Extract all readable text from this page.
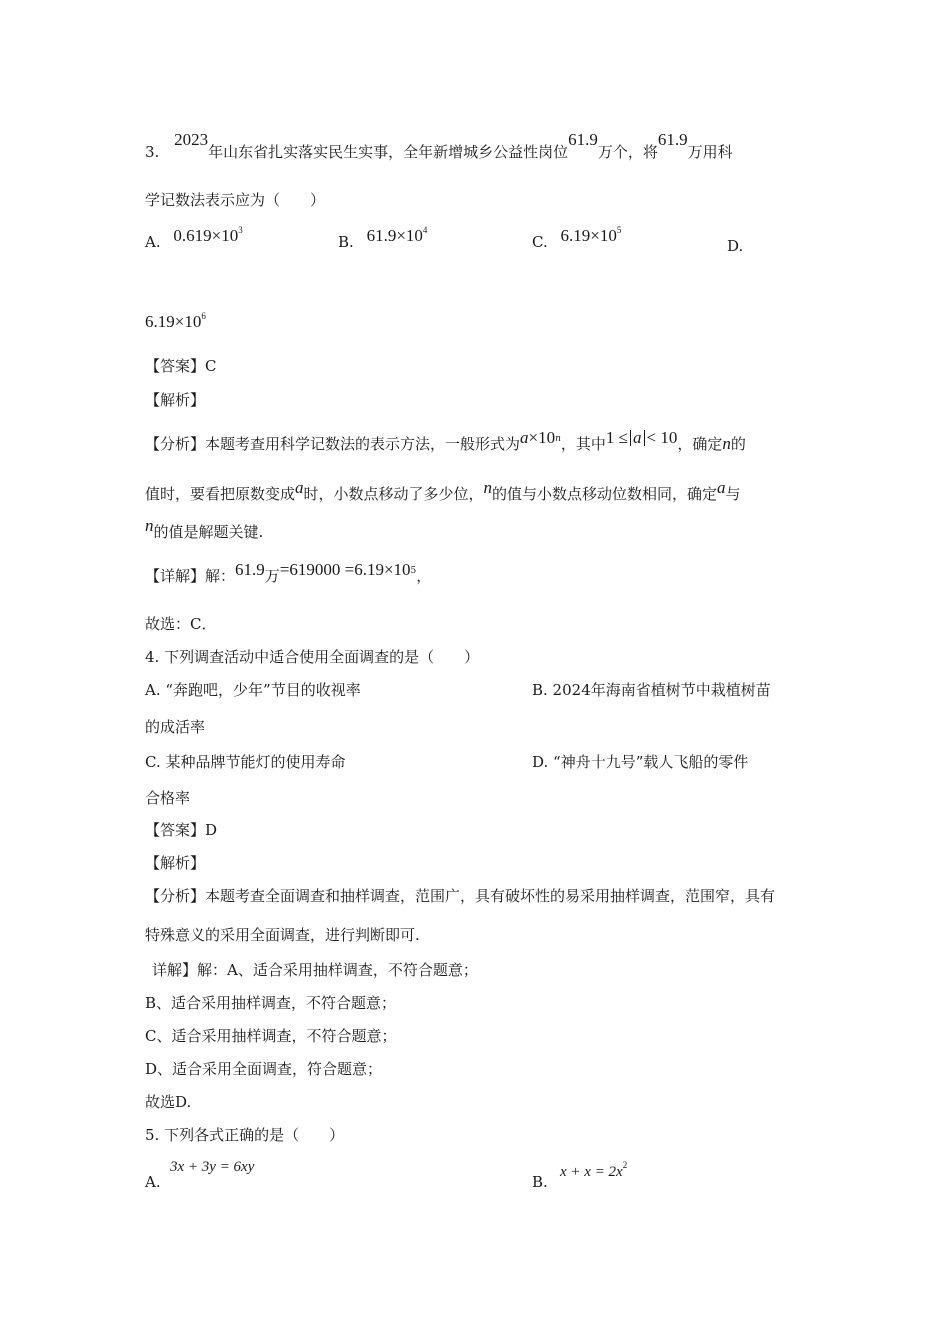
3. 2023年山东省扎实落实民生实事，全年新增城乡公益性岗位61.9万个，将61.9万用科
学记数法表示应为（　　）
A. $0.619\times 10^3$
B. $61.9\times 10^4$
C. $6.19\times 10^5$
D.
$6.19\times 10^6$
【答案】C
【解析】
【分析】本题考查用科学记数法的表示方法，一般形式为$a\times 10^n$，其中1 ≤ a < 10，确定n的
值时，要看把原数变成a时，小数点移动了多少位，n的值与小数点移动位数相同，确定a与
n的值是解题关键.
【详解】解：61.9万$=619000 =6.19\times 10^5$，
故选：C．
4. 下列调查活动中适合使用全面调查的是（　　）
A. “奔跑吧，少年”节目的收视率	B. 2024年海南省植树节中栽植树苗
的成活率
C. 某种品牌节能灯的使用寿命	D. “神舟十九号”载人飞船的零件
合格率
【答案】D
【解析】
【分析】本题考查全面调查和抽样调查，范围广，具有破坏性的易采用抽样调查，范围窄，具有
特殊意义的采用全面调查，进行判断即可.
详解】解：A、适合采用抽样调查，不符合题意；
B、适合采用抽样调查，不符合题意；
C、适合采用抽样调查，不符合题意；
D、适合采用全面调查，符合题意；
故选D.
5. 下列各式正确的是（　　）
A.
3x + 3y = 6xy
B.
$x + x = 2x^2$
